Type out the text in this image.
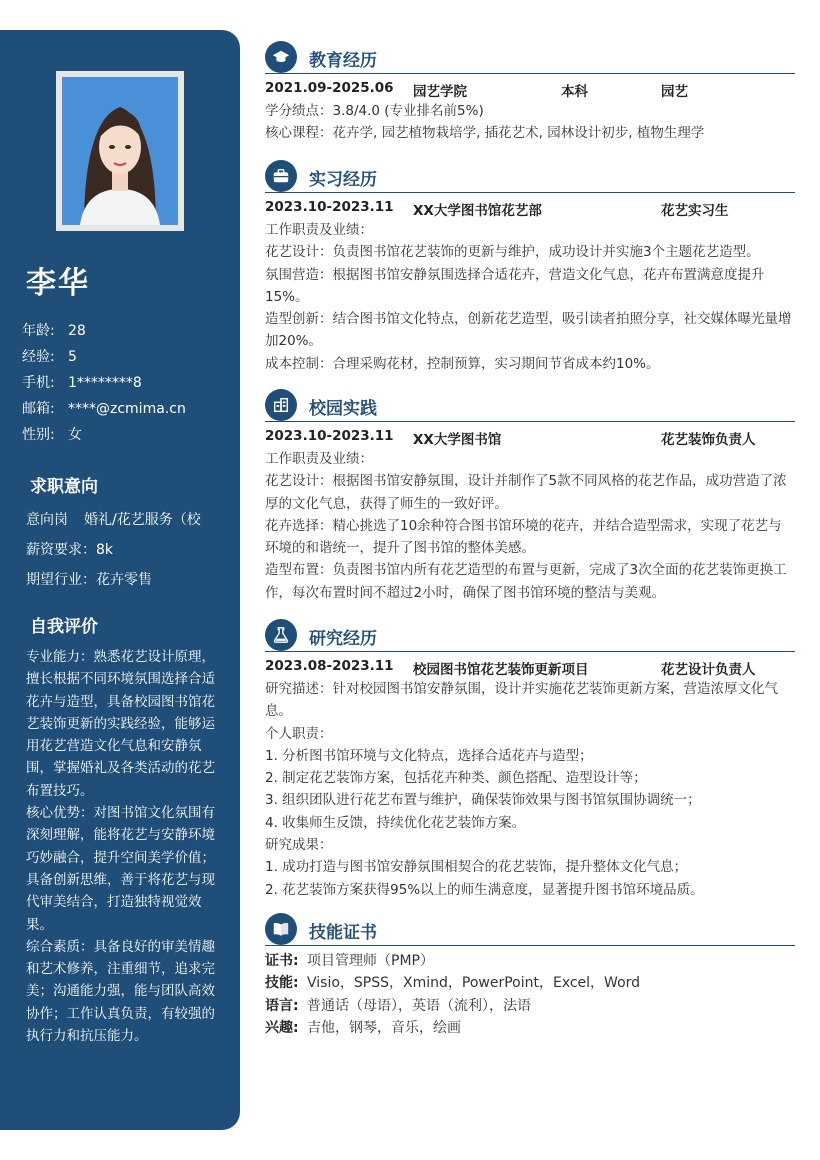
李华
年龄: 28
经验: 5
手机: 1********8
邮箱: ****@zcmima.cn
性别: 女
求职意向
意向岗 婚礼/花艺服务（校
薪资要求：8k
期望行业：花卉零售
自我评价

专业能力：熟悉花艺设计原理，擅长根据不同环境氛围选择合适花卉与造型，具备校园图书馆花艺装饰更新的实践经验，能够运用花艺营造文化气息和安静氛围，掌握婚礼及各类活动的花艺布置技巧。

核心优势：对图书馆文化氛围有深刻理解，能将花艺与安静环境巧妙融合，提升空间美学价值；具备创新思维，善于将花艺与现代审美结合，打造独特视觉效果。

综合素质：具备良好的审美情趣和艺术修养，注重细节，追求完美；沟通能力强，能与团队高效协作；工作认真负责，有较强的执行力和抗压能力。

教育经历
2021.09-2025.06 园艺学院	本科	园艺

学分绩点：3.8/4.0 (专业排名前5%)

核心课程：花卉学, 园艺植物栽培学, 插花艺术, 园林设计初步, 植物生理学

实习经历
2023.10-2023.11 XX大学图书馆花艺部	花艺实习生

工作职责及业绩：

花艺设计：负责图书馆花艺装饰的更新与维护，成功设计并实施3个主题花艺造型。

氛围营造：根据图书馆安静氛围选择合适花卉，营造文化气息，花卉布置满意度提升15%。

造型创新：结合图书馆文化特点，创新花艺造型，吸引读者拍照分享，社交媒体曝光量增加20%。

成本控制：合理采购花材，控制预算，实习期间节省成本约10%。

校园实践
2023.10-2023.11 XX大学图书馆	花艺装饰负责人

工作职责及业绩：

花艺设计：根据图书馆安静氛围，设计并制作了5款不同风格的花艺作品，成功营造了浓厚的文化气息，获得了师生的一致好评。

花卉选择：精心挑选了10余种符合图书馆环境的花卉，并结合造型需求，实现了花艺与环境的和谐统一，提升了图书馆的整体美感。

造型布置：负责图书馆内所有花艺造型的布置与更新，完成了3次全面的花艺装饰更换工作，每次布置时间不超过2小时，确保了图书馆环境的整洁与美观。

研究经历
2023.08-2023.11 校园图书馆花艺装饰更新项目	花艺设计负责人

研究描述：针对校园图书馆安静氛围，设计并实施花艺装饰更新方案，营造浓厚文化气息。

个人职责：

1. 分析图书馆环境与文化特点，选择合适花卉与造型；

2. 制定花艺装饰方案，包括花卉种类、颜色搭配、造型设计等；

3. 组织团队进行花艺布置与维护，确保装饰效果与图书馆氛围协调统一；

4. 收集师生反馈，持续优化花艺装饰方案。

研究成果：

1. 成功打造与图书馆安静氛围相契合的花艺装饰，提升整体文化气息；

2. 花艺装饰方案获得95%以上的师生满意度，显著提升图书馆环境品质。

技能证书
证书: 项目管理师（PMP）
技能: Visio，SPSS，Xmind，PowerPoint，Excel，Word
语言: 普通话（母语），英语（流利），法语
兴趣: 吉他，钢琴，音乐，绘画
